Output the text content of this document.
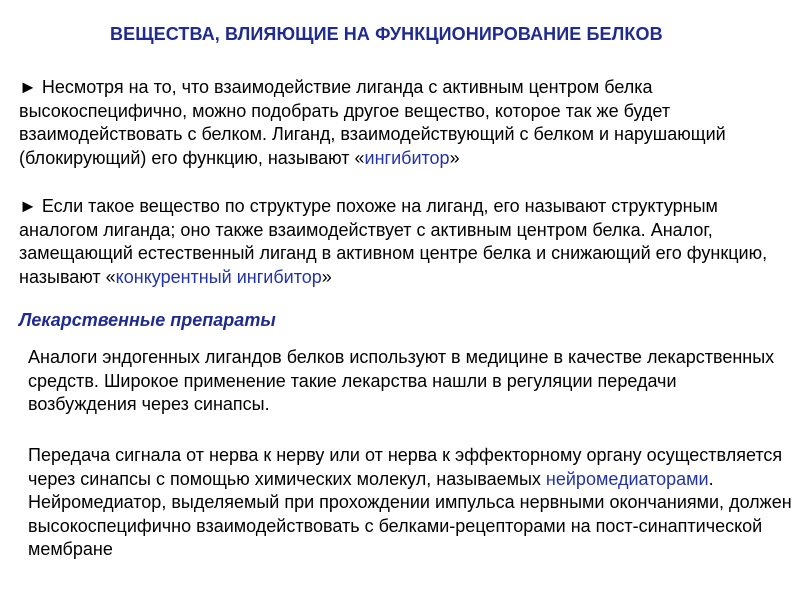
ВЕЩЕСТВА, ВЛИЯЮЩИЕ НА ФУНКЦИОНИРОВАНИЕ БЕЛКОВ
► Несмотря на то, что взаимодействие лиганда с активным центром белка высокоспецифично, можно подобрать другое вещество, которое так же будет взаимодействовать с белком. Лиганд, взаимодействующий с белком и нарушающий (блокирующий) его функцию, называют «ингибитор»
► Если такое вещество по структуре похоже на лиганд, его называют структурным аналогом лиганда; оно также взаимодействует с активным центром белка. Аналог, замещающий естественный лиганд в активном центре белка и снижающий его функцию, называют «конкурентный ингибитор»
Лекарственные препараты
Аналоги эндогенных лигандов белков используют в медицине в качестве лекарственных средств. Широкое применение такие лекарства нашли в регуляции передачи возбуждения через синапсы.
Передача сигнала от нерва к нерву или от нерва к эффекторному органу осуществляется через синапсы с помощью химических молекул, называемых нейромедиаторами. Нейромедиатор, выделяемый при прохождении импульса нервными окончаниями, должен высокоспецифично взаимодействовать с белками-рецепторами на пост-синаптической мембране
